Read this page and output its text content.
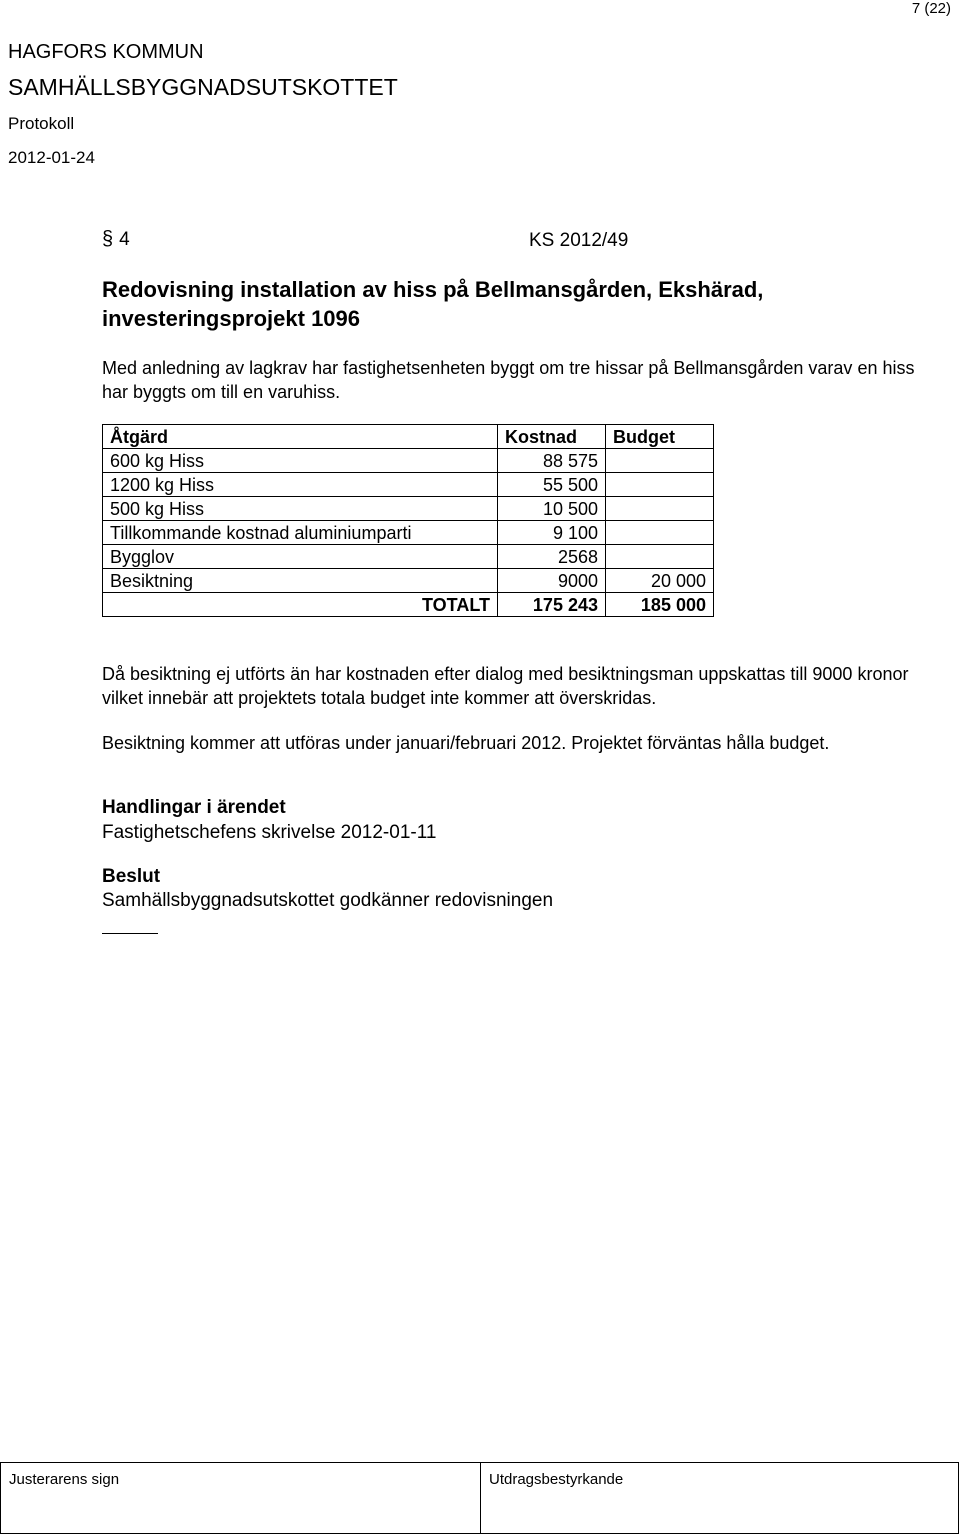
7 (22)
HAGFORS KOMMUN
SAMHÄLLSBYGGNADSUTSKOTTET
Protokoll
2012-01-24
§ 4	KS 2012/49
Redovisning installation av hiss på Bellmansgården, Ekshärad, investeringsprojekt 1096
Med anledning av lagkrav har fastighetsenheten byggt om tre hissar på Bellmansgården varav en hiss har byggts om till en varuhiss.
Åtgärd	Kostnad	Budget
600 kg Hiss	88 575	
1200 kg Hiss	55 500	
500 kg Hiss	10 500	
Tillkommande kostnad aluminiumparti	9 100	
Bygglov	2568	
Besiktning	9000	20 000
TOTALT	175 243	185 000
Då besiktning ej utförts än har kostnaden efter dialog med besiktningsman uppskattas till 9000 kronor vilket innebär att projektets totala budget inte kommer att överskridas.
Besiktning kommer att utföras under januari/februari 2012. Projektet förväntas hålla budget.
Handlingar i ärendet
Fastighetschefens skrivelse 2012-01-11
Beslut
Samhällsbyggnadsutskottet godkänner redovisningen
Justerarens sign	Utdragsbestyrkande
